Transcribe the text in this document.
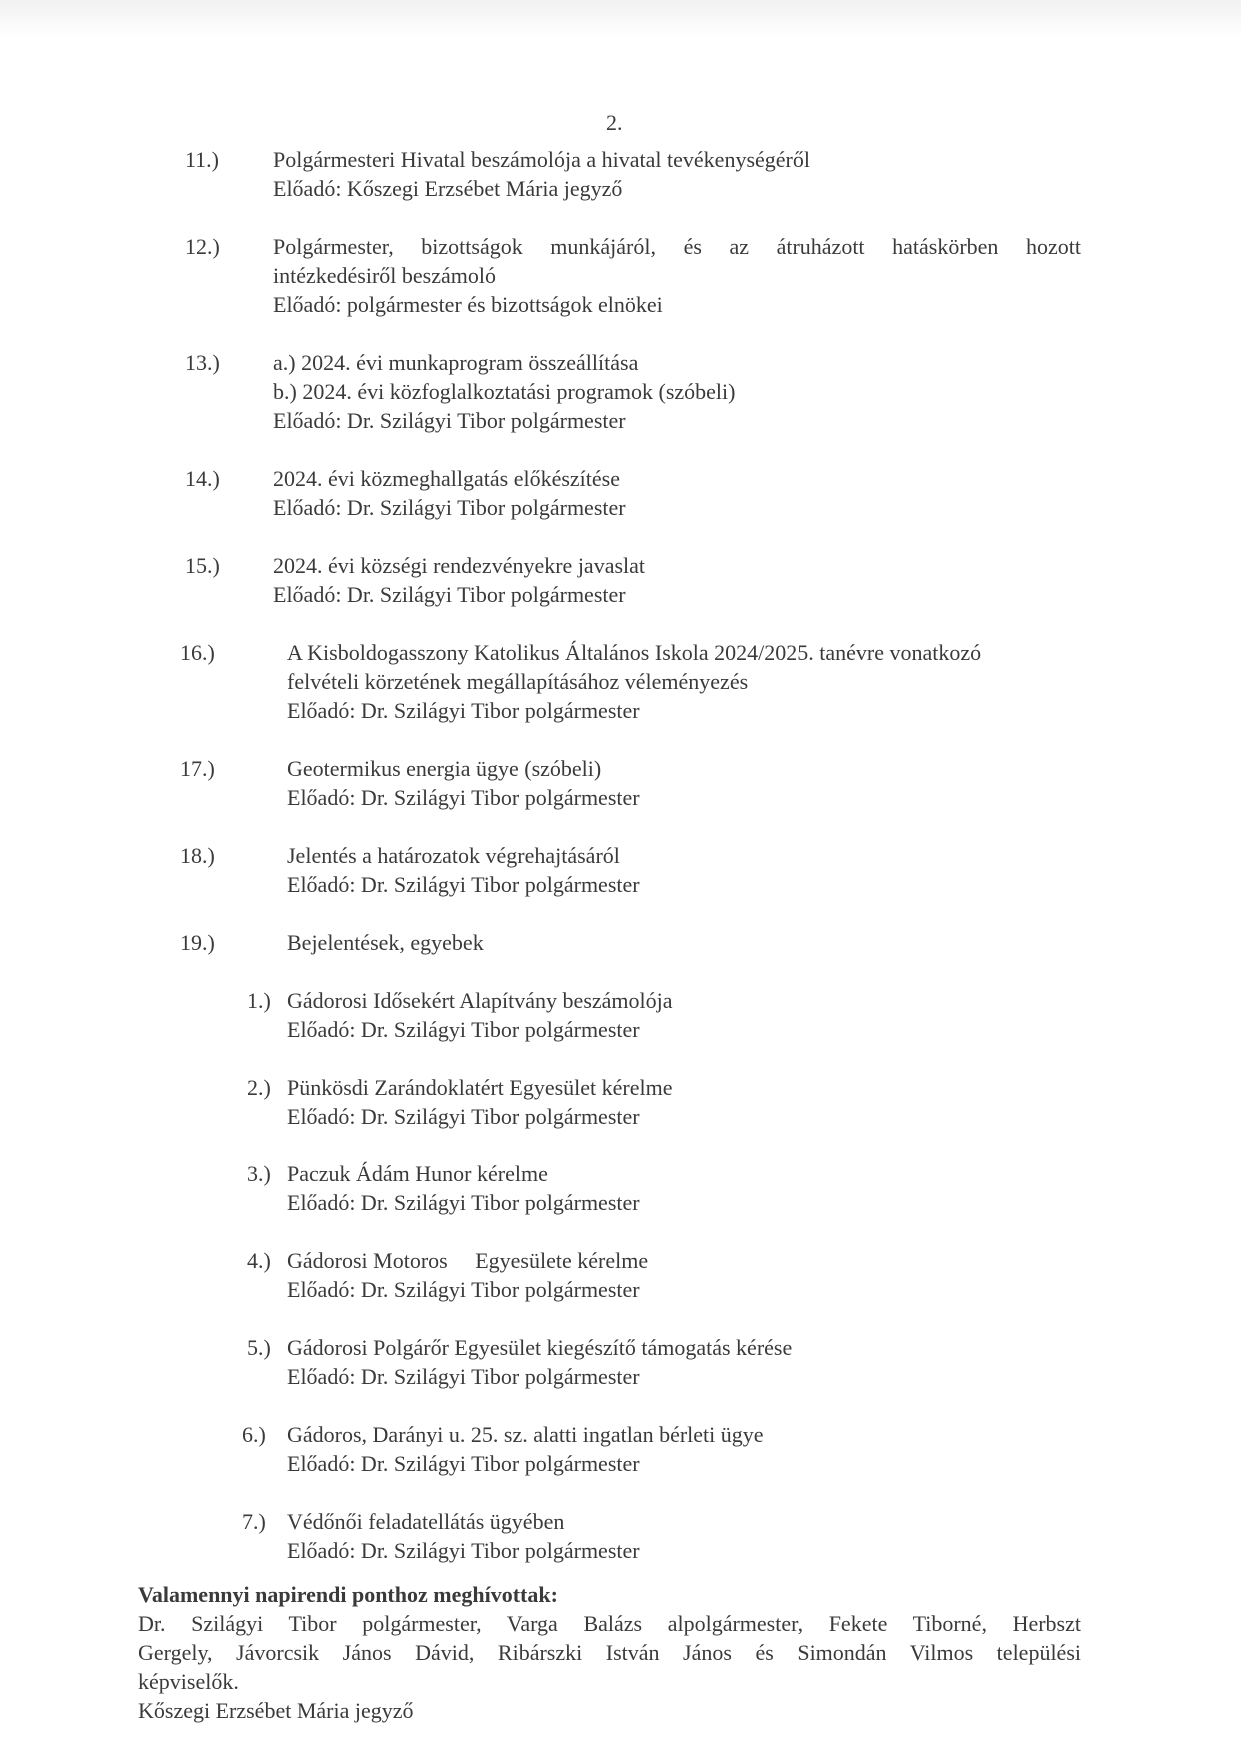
2.
11.) Polgármesteri Hivatal beszámolója a hivatal tevékenységéről
Előadó: Kőszegi Erzsébet Mária jegyző
12.) Polgármester, bizottságok munkájáról, és az átruházott hatáskörben hozott
intézkedésiről beszámoló
Előadó: polgármester és bizottságok elnökei
13.) a.) 2024. évi munkaprogram összeállítása
b.) 2024. évi közfoglalkoztatási programok (szóbeli)
Előadó: Dr. Szilágyi Tibor polgármester
14.) 2024. évi közmeghallgatás előkészítése
Előadó: Dr. Szilágyi Tibor polgármester
15.) 2024. évi községi rendezvényekre javaslat
Előadó: Dr. Szilágyi Tibor polgármester
16.)	A Kisboldogasszony Katolikus Általános Iskola 2024/2025. tanévre vonatkozó
felvételi körzetének megállapításához véleményezés
Előadó: Dr. Szilágyi Tibor polgármester
17.)	Geotermikus energia ügye (szóbeli)
Előadó: Dr. Szilágyi Tibor polgármester
18.)	Jelentés a határozatok végrehajtásáról
Előadó: Dr. Szilágyi Tibor polgármester
19.)	Bejelentések, egyebek
1.) Gádorosi Idősekért Alapítvány beszámolója
Előadó: Dr. Szilágyi Tibor polgármester
2.) Pünkösdi Zarándoklatért Egyesület kérelme
Előadó: Dr. Szilágyi Tibor polgármester
3.) Paczuk Ádám Hunor kérelme
Előadó: Dr. Szilágyi Tibor polgármester
4.) Gádorosi Motoros     Egyesülete kérelme
Előadó: Dr. Szilágyi Tibor polgármester
5.) Gádorosi Polgárőr Egyesület kiegészítő támogatás kérése
Előadó: Dr. Szilágyi Tibor polgármester
6.) Gádoros, Darányi u. 25. sz. alatti ingatlan bérleti ügye
Előadó: Dr. Szilágyi Tibor polgármester
7.) Védőnői feladatellátás ügyében
Előadó: Dr. Szilágyi Tibor polgármester
Valamennyi napirendi ponthoz meghívottak:
Dr. Szilágyi Tibor polgármester, Varga Balázs alpolgármester, Fekete Tiborné, Herbszt
Gergely, Jávorcsik János Dávid, Ribárszki István János és Simondán Vilmos települési
képviselők.
Kőszegi Erzsébet Mária jegyző
